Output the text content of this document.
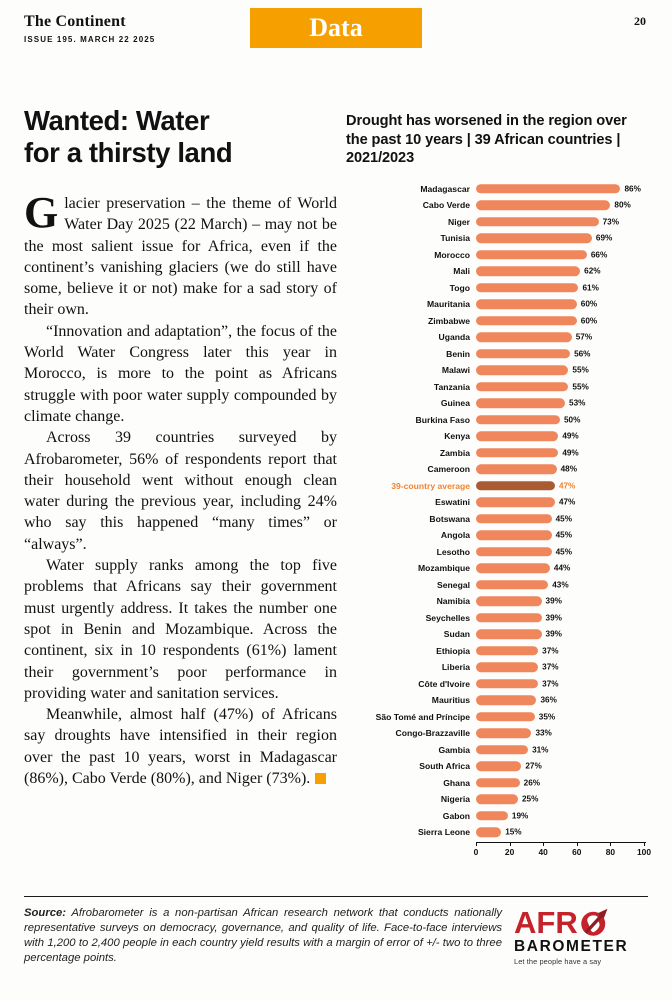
The Continent
ISSUE 195. MARCH 22 2025	Data	20
Wanted: Water
for a thirsty land

Glacier preservation – the theme of World Water Day 2025 (22 March) – may not be the most salient issue for Africa, even if the continent’s vanishing glaciers (we do still have some, believe it or not) make for a sad story of their own.

“Innovation and adaptation”, the focus of the World Water Congress later this year in Morocco, is more to the point as Africans struggle with poor water supply compounded by climate change.

Across 39 countries surveyed by Afrobarometer, 56% of respondents report that their household went without enough clean water during the previous year, including 24% who say this happened “many times” or “always”.

Water supply ranks among the top five problems that Africans say their government must urgently address. It takes the number one spot in Benin and Mozambique. Across the continent, six in 10 respondents (61%) lament their government’s poor performance in providing water and sanitation services.

Meanwhile, almost half (47%) of Africans say droughts have intensified in their region over the past 10 years, worst in Madagascar (86%), Cabo Verde (80%), and Niger (73%).

Drought has worsened in the region over the past 10 years | 39 African countries | 2021/2023
Madagascar	86%
Cabo Verde	80%
Niger	73%
Tunisia	69%
Morocco	66%
Mali	62%
Togo	61%
Mauritania	60%
Zimbabwe	60%
Uganda	57%
Benin	56%
Malawi	55%
Tanzania	55%
Guinea	53%
Burkina Faso	50%
Kenya	49%
Zambia	49%
Cameroon	48%
39-country average	47%
Eswatini	47%
Botswana	45%
Angola	45%
Lesotho	45%
Mozambique	44%
Senegal	43%
Namibia	39%
Seychelles	39%
Sudan	39%
Ethiopia	37%
Liberia	37%
Côte d'Ivoire	37%
Mauritius	36%
São Tomé and Príncipe	35%
Congo-Brazzaville	33%
Gambia	31%
South Africa	27%
Ghana	26%
Nigeria	25%
Gabon	19%
Sierra Leone	15%
0	20	40	60	80	100
Source: Afrobarometer is a non-partisan African research network that conducts nationally representative surveys on democracy, governance, and quality of life. Face-to-face interviews with 1,200 to 2,400 people in each country yield results with a margin of error of +/- two to three percentage points.
AFR
BAROMETER
Let the people have a say
